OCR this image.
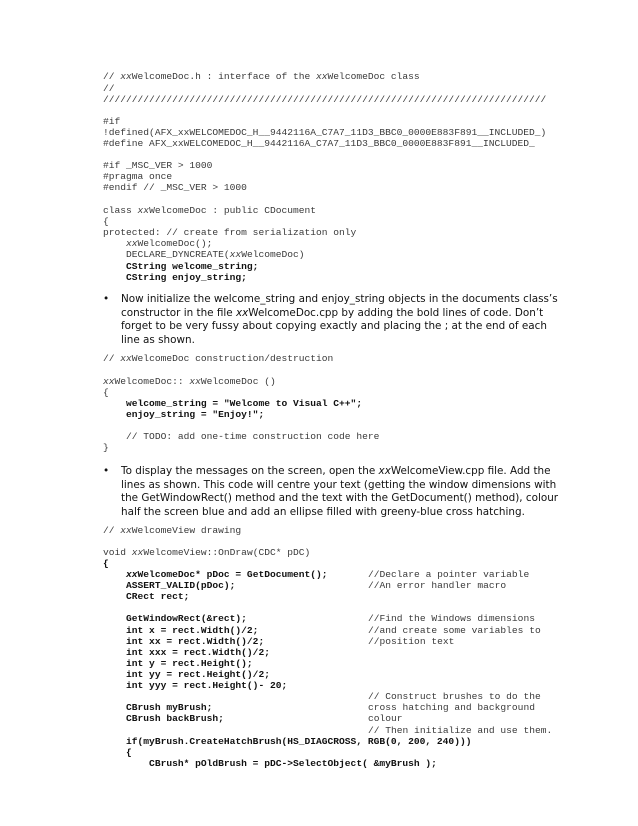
// xxWelcomeDoc.h : interface of the xxWelcomeDoc class
//
/////////////////////////////////////////////////////////////////////////////
#if
!defined(AFX_xxWELCOMEDOC_H__9442116A_C7A7_11D3_BBC0_0000E883F891__INCLUDED_)
#define AFX_xxWELCOMEDOC_H__9442116A_C7A7_11D3_BBC0_0000E883F891__INCLUDED_
#if _MSC_VER > 1000
#pragma once
#endif // _MSC_VER > 1000
class xxWelcomeDoc : public CDocument
{
protected: // create from serialization only
xxWelcomeDoc();
DECLARE_DYNCREATE(xxWelcomeDoc)
CString welcome_string;
CString enjoy_string;
• Now initialize the welcome_string and enjoy_string objects in the documents class’s constructor in the file xxWelcomeDoc.cpp by adding the bold lines of code. Don’t forget to be very fussy about copying exactly and placing the ; at the end of each line as shown.
// xxWelcomeDoc construction/destruction
xxWelcomeDoc:: xxWelcomeDoc ()
{
welcome_string = "Welcome to Visual C++";
enjoy_string = "Enjoy!";
// TODO: add one-time construction code here
}
• To display the messages on the screen, open the xxWelcomeView.cpp file. Add the lines as shown. This code will centre your text (getting the window dimensions with the GetWindowRect() method and the text with the GetDocument() method), colour half the screen blue and add an ellipse filled with greeny-blue cross hatching.
// xxWelcomeView drawing
void xxWelcomeView::OnDraw(CDC* pDC)
{
xxWelcomeDoc* pDoc = GetDocument();
ASSERT_VALID(pDoc);
CRect rect;
GetWindowRect(&rect);
int x = rect.Width()/2;
int xx = rect.Width()/2;
int xxx = rect.Width()/2;
int y = rect.Height();
int yy = rect.Height()/2;
int yyy = rect.Height()- 20;
CBrush myBrush;
CBrush backBrush;
if(myBrush.CreateHatchBrush(HS_DIAGCROSS, RGB(0, 200, 240)))
{
CBrush* pOldBrush = pDC->SelectObject( &myBrush );
//Declare a pointer variable
//An error handler macro
//Find the Windows dimensions
//and create some variables to
//position text
// Construct brushes to do the cross hatching and background colour
// Then initialize and use them.
